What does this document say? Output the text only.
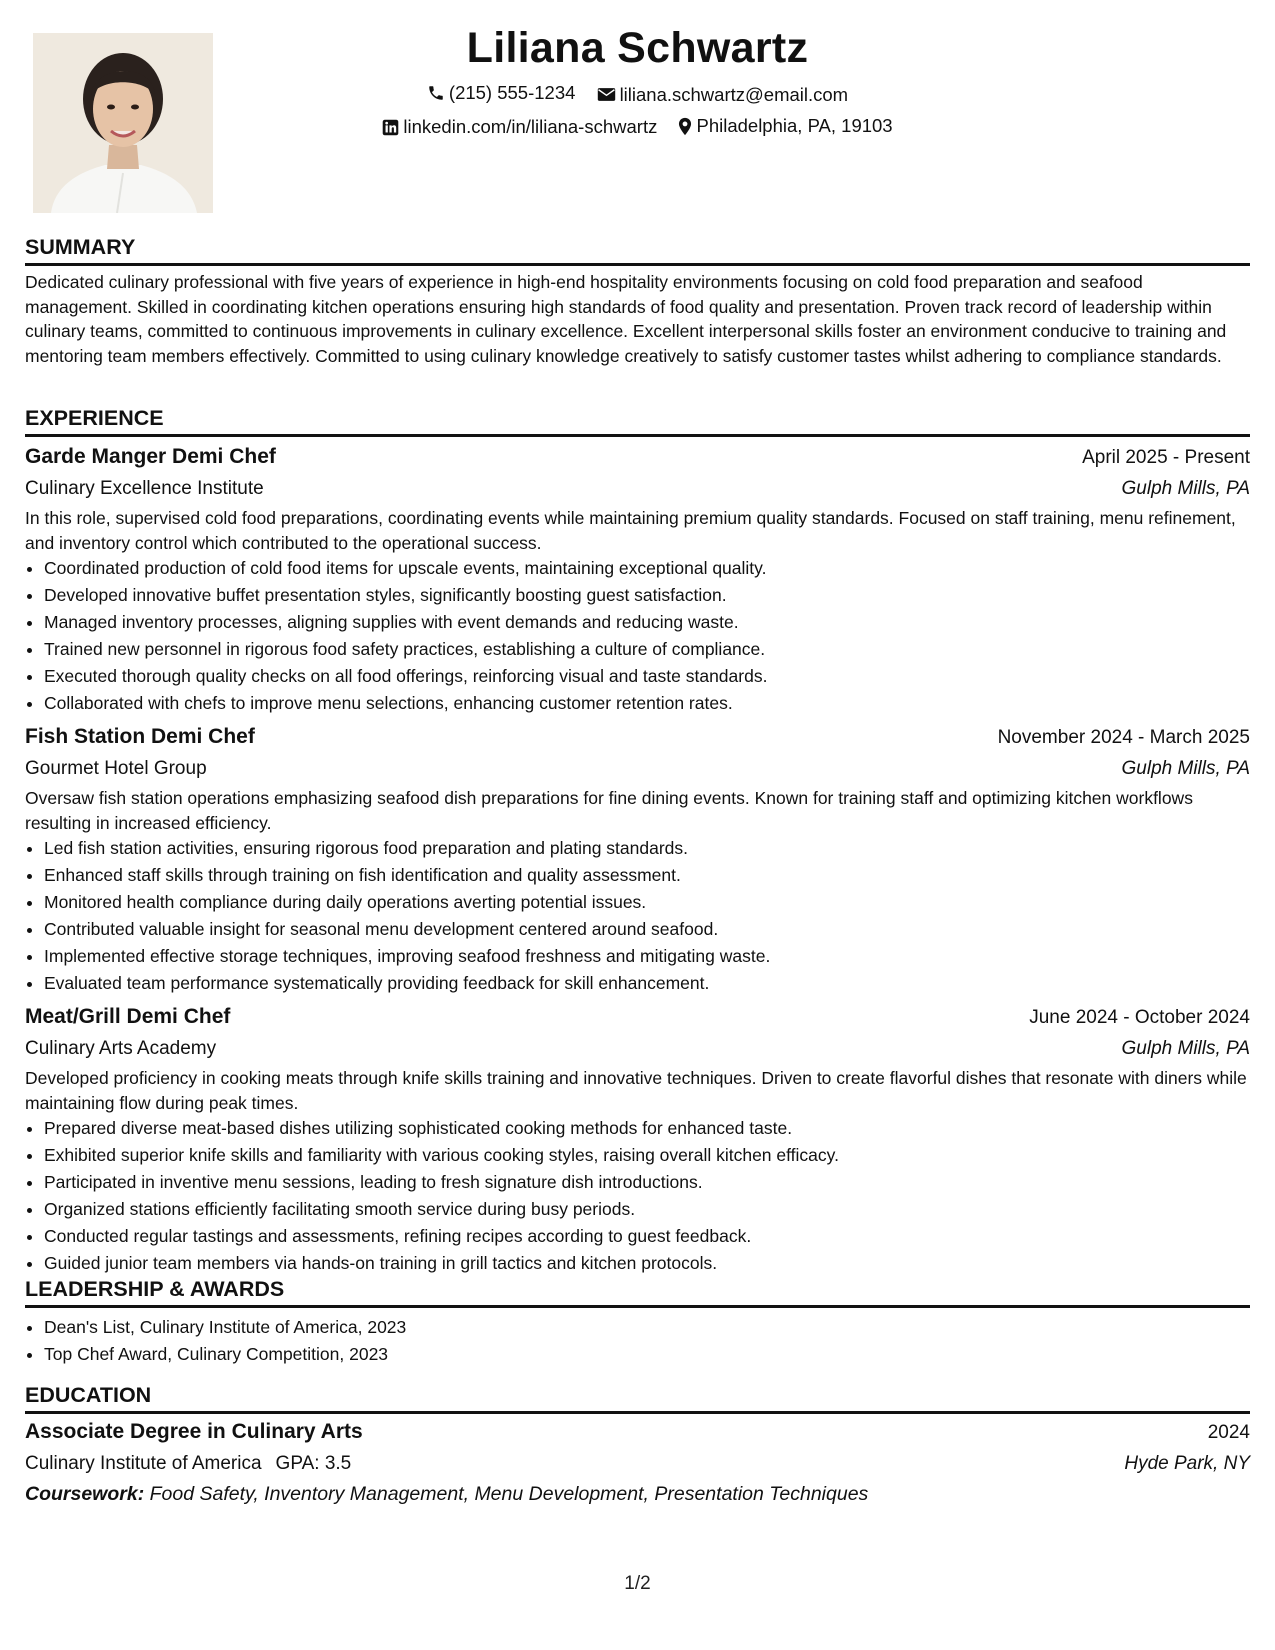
Liliana Schwartz
(215) 555-1234
liliana.schwartz@email.com
linkedin.com/in/liliana-schwartz
Philadelphia, PA, 19103
SUMMARY

Dedicated culinary professional with five years of experience in high-end hospitality environments focusing on cold food preparation and seafood management. Skilled in coordinating kitchen operations ensuring high standards of food quality and presentation. Proven track record of leadership within culinary teams, committed to continuous improvements in culinary excellence. Excellent interpersonal skills foster an environment conducive to training and mentoring team members effectively. Committed to using culinary knowledge creatively to satisfy customer tastes whilst adhering to compliance standards.

EXPERIENCE
Garde Manger Demi Chef	April 2025 - Present
Culinary Excellence Institute	Gulph Mills, PA

In this role, supervised cold food preparations, coordinating events while maintaining premium quality standards. Focused on staff training, menu refinement, and inventory control which contributed to the operational success.

• Coordinated production of cold food items for upscale events, maintaining exceptional quality.
• Developed innovative buffet presentation styles, significantly boosting guest satisfaction.
• Managed inventory processes, aligning supplies with event demands and reducing waste.
• Trained new personnel in rigorous food safety practices, establishing a culture of compliance.
• Executed thorough quality checks on all food offerings, reinforcing visual and taste standards.
• Collaborated with chefs to improve menu selections, enhancing customer retention rates.
Fish Station Demi Chef	November 2024 - March 2025
Gourmet Hotel Group	Gulph Mills, PA

Oversaw fish station operations emphasizing seafood dish preparations for fine dining events. Known for training staff and optimizing kitchen workflows resulting in increased efficiency.

• Led fish station activities, ensuring rigorous food preparation and plating standards.
• Enhanced staff skills through training on fish identification and quality assessment.
• Monitored health compliance during daily operations averting potential issues.
• Contributed valuable insight for seasonal menu development centered around seafood.
• Implemented effective storage techniques, improving seafood freshness and mitigating waste.
• Evaluated team performance systematically providing feedback for skill enhancement.
Meat/Grill Demi Chef	June 2024 - October 2024
Culinary Arts Academy	Gulph Mills, PA

Developed proficiency in cooking meats through knife skills training and innovative techniques. Driven to create flavorful dishes that resonate with diners while maintaining flow during peak times.

• Prepared diverse meat-based dishes utilizing sophisticated cooking methods for enhanced taste.
• Exhibited superior knife skills and familiarity with various cooking styles, raising overall kitchen efficacy.
• Participated in inventive menu sessions, leading to fresh signature dish introductions.
• Organized stations efficiently facilitating smooth service during busy periods.
• Conducted regular tastings and assessments, refining recipes according to guest feedback.
• Guided junior team members via hands-on training in grill tactics and kitchen protocols.
LEADERSHIP & AWARDS
• Dean's List, Culinary Institute of America, 2023
• Top Chef Award, Culinary Competition, 2023
EDUCATION
Associate Degree in Culinary Arts	2024
Culinary Institute of America GPA: 3.5	Hyde Park, NY
Coursework: Food Safety, Inventory Management, Menu Development, Presentation Techniques
1/2
